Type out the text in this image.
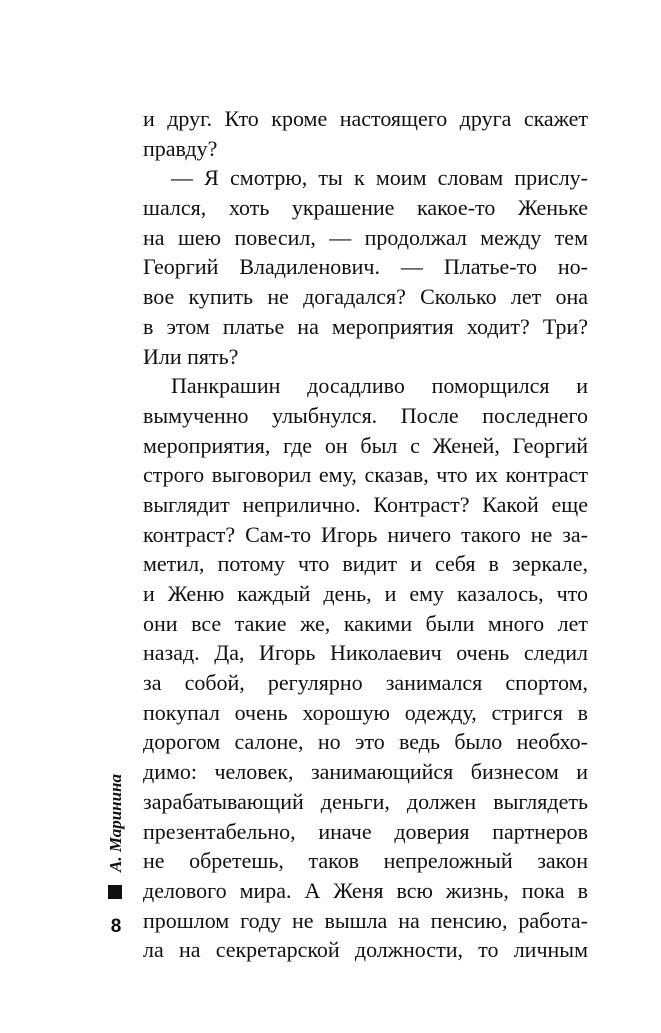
и друг. Кто кроме настоящего друга скажет
правду?
— Я смотрю, ты к моим словам прислу-
шался, хоть украшение какое-то Женьке
на шею повесил, — продолжал между тем
Георгий Владиленович. — Платье-то но-
вое купить не догадался? Сколько лет она
в этом платье на мероприятия ходит? Три?
Или пять?
Панкрашин досадливо поморщился и
вымученно улыбнулся. После последнего
мероприятия, где он был с Женей, Георгий
строго выговорил ему, сказав, что их контраст
выглядит неприлично. Контраст? Какой еще
контраст? Сам-то Игорь ничего такого не за-
метил, потому что видит и себя в зеркале,
и Женю каждый день, и ему казалось, что
они все такие же, какими были много лет
назад. Да, Игорь Николаевич очень следил
за собой, регулярно занимался спортом,
покупал очень хорошую одежду, стригся в
дорогом салоне, но это ведь было необхо-
димо: человек, занимающийся бизнесом и
зарабатывающий деньги, должен выглядеть
презентабельно, иначе доверия партнеров
не обретешь, таков непреложный закон
делового мира. А Женя всю жизнь, пока в
прошлом году не вышла на пенсию, работа-
ла на секретарской должности, то личным
А. Маринина
8
